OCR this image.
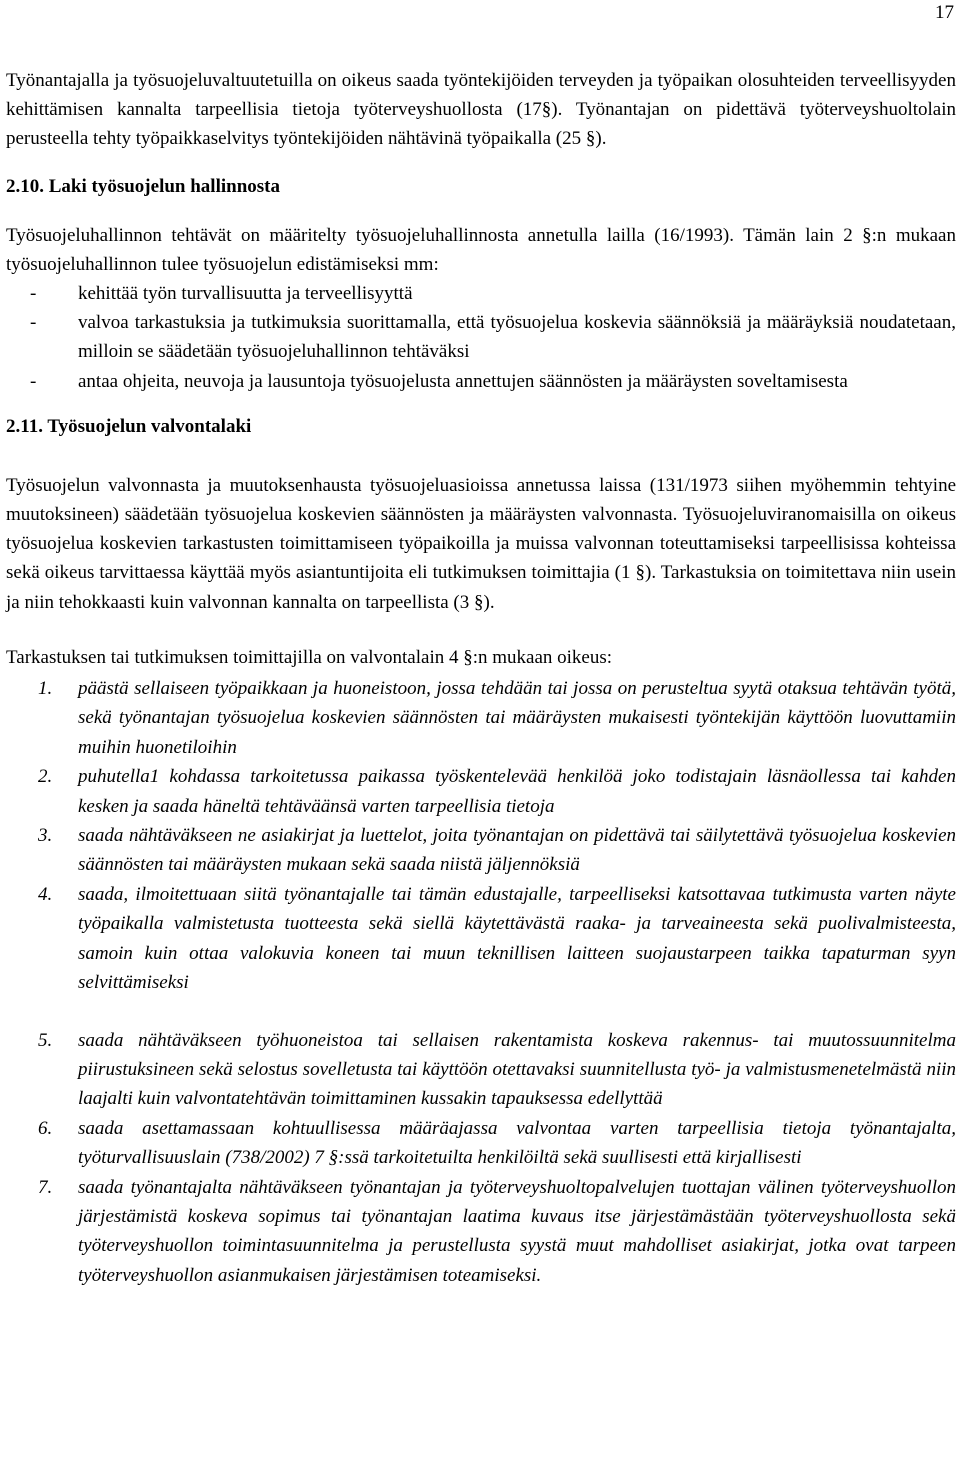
17

Työnantajalla ja työsuojeluvaltuutetuilla on oikeus saada työntekijöiden terveyden ja työpaikan olosuhteiden terveellisyyden kehittämisen kannalta tarpeellisia tietoja työterveyshuollosta (17§). Työnantajan on pidettävä työterveyshuoltolain perusteella tehty työpaikkaselvitys työntekijöiden nähtävinä työpaikalla (25 §).

2.10. Laki työsuojelun hallinnosta

Työsuojeluhallinnon tehtävät on määritelty työsuojeluhallinnosta annetulla lailla (16/1993). Tämän lain 2 §:n mukaan työsuojeluhallinnon tulee työsuojelun edistämiseksi mm:

- kehittää työn turvallisuutta ja terveellisyyttä
- valvoa tarkastuksia ja tutkimuksia suorittamalla, että työsuojelua koskevia säännöksiä ja määräyksiä noudatetaan, milloin se säädetään työsuojeluhallinnon tehtäväksi
- antaa ohjeita, neuvoja ja lausuntoja työsuojelusta annettujen säännösten ja määräysten soveltamisesta
2.11. Työsuojelun valvontalaki

Työsuojelun valvonnasta ja muutoksenhausta työsuojeluasioissa annetussa laissa (131/1973 siihen myöhemmin tehtyine muutoksineen) säädetään työsuojelua koskevien säännösten ja määräysten valvonnasta. Työsuojeluviranomaisilla on oikeus työsuojelua koskevien tarkastusten toimittamiseen työpaikoilla ja muissa valvonnan toteuttamiseksi tarpeellisissa kohteissa sekä oikeus tarvittaessa käyttää myös asiantuntijoita eli tutkimuksen toimittajia (1 §). Tarkastuksia on toimitettava niin usein ja niin tehokkaasti kuin valvonnan kannalta on tarpeellista (3 §).

Tarkastuksen tai tutkimuksen toimittajilla on valvontalain 4 §:n mukaan oikeus:

1. päästä sellaiseen työpaikkaan ja huoneistoon, jossa tehdään tai jossa on perusteltua syytä otaksua tehtävän työtä, sekä työnantajan työsuojelua koskevien säännösten tai määräysten mukaisesti työntekijän käyttöön luovuttamiin muihin huonetiloihin
2. puhutella1 kohdassa tarkoitetussa paikassa työskentelevää henkilöä joko todistajain läsnäollessa tai kahden kesken ja saada häneltä tehtäväänsä varten tarpeellisia tietoja
3. saada nähtäväkseen ne asiakirjat ja luettelot, joita työnantajan on pidettävä tai säilytettävä työsuojelua koskevien säännösten tai määräysten mukaan sekä saada niistä jäljennöksiä
4. saada, ilmoitettuaan siitä työnantajalle tai tämän edustajalle, tarpeelliseksi katsottavaa tutkimusta varten näyte työpaikalla valmistetusta tuotteesta sekä siellä käytettävästä raaka- ja tarveaineesta sekä puolivalmisteesta, samoin kuin ottaa valokuvia koneen tai muun teknillisen laitteen suojaustarpeen taikka tapaturman syyn selvittämiseksi
5. saada nähtäväkseen työhuoneistoa tai sellaisen rakentamista koskeva rakennus- tai muutossuunnitelma piirustuksineen sekä selostus sovelletusta tai käyttöön otettavaksi suunnitellusta työ- ja valmistusmenetelmästä niin laajalti kuin valvontatehtävän toimittaminen kussakin tapauksessa edellyttää
6. saada asettamassaan kohtuullisessa määräajassa valvontaa varten tarpeellisia tietoja työnantajalta, työturvallisuuslain (738/2002) 7 §:ssä tarkoitetuilta henkilöiltä sekä suullisesti että kirjallisesti
7. saada työnantajalta nähtäväkseen työnantajan ja työterveyshuoltopalvelujen tuottajan välinen työterveyshuollon järjestämistä koskeva sopimus tai työnantajan laatima kuvaus itse järjestämästään työterveyshuollosta sekä työterveyshuollon toimintasuunnitelma ja perustellusta syystä muut mahdolliset asiakirjat, jotka ovat tarpeen työterveyshuollon asianmukaisen järjestämisen toteamiseksi.
